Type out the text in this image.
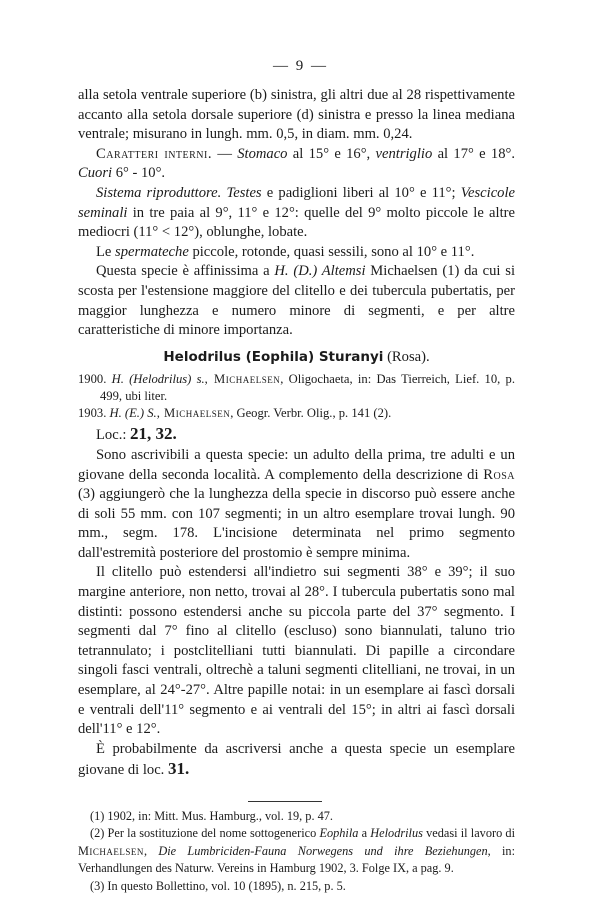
— 9 —

alla setola ventrale superiore (b) sinistra, gli altri due al 28 rispettivamente accanto alla setola dorsale superiore (d) sinistra e presso la linea mediana ventrale; misurano in lungh. mm. 0,5, in diam. mm. 0,24.

Caratteri interni. — Stomaco al 15° e 16°, ventriglio al 17° e 18°. Cuori 6° - 10°.

Sistema riproduttore. Testes e padiglioni liberi al 10° e 11°; Vescicole seminali in tre paia al 9°, 11° e 12°: quelle del 9° molto piccole le altre mediocri (11° < 12°), oblunghe, lobate.

Le spermateche piccole, rotonde, quasi sessili, sono al 10° e 11°.

Questa specie è affinissima a H. (D.) Altemsi Michaelsen (1) da cui si scosta per l'estensione maggiore del clitello e dei tubercula pubertatis, per maggior lunghezza e numero minore di segmenti, e per altre caratteristiche di minore importanza.

Helodrilus (Eophila) Sturanyi (Rosa).

1900. H. (Helodrilus) s., Michaelsen, Oligochaeta, in: Das Tierreich, Lief. 10, p. 499, ubi liter.

1903. H. (E.) S., Michaelsen, Geogr. Verbr. Olig., p. 141 (2).

Loc.: 21, 32.

Sono ascrivibili a questa specie: un adulto della prima, tre adulti e un giovane della seconda località. A complemento della descrizione di Rosa (3) aggiungerò che la lunghezza della specie in discorso può essere anche di soli 55 mm. con 107 segmenti; in un altro esemplare trovai lungh. 90 mm., segm. 178. L'incisione determinata nel primo segmento dall'estremità posteriore del prostomio è sempre minima.

Il clitello può estendersi all'indietro sui segmenti 38° e 39°; il suo margine anteriore, non netto, trovai al 28°. I tubercula pubertatis sono mal distinti: possono estendersi anche su piccola parte del 37° segmento. I segmenti dal 7° fino al clitello (escluso) sono biannulati, taluno trio tetrannulato; i postclitelliani tutti biannulati. Di papille a circondare singoli fasci ventrali, oltrechè a taluni segmenti clitelliani, ne trovai, in un esemplare, al 24°-27°. Altre papille notai: in un esemplare ai fascì dorsali e ventrali dell'11° segmento e ai ventrali del 15°; in altri ai fascì dorsali dell'11° e 12°.

È probabilmente da ascriversi anche a questa specie un esemplare giovane di loc. 31.

(1) 1902, in: Mitt. Mus. Hamburg., vol. 19, p. 47.

(2) Per la sostituzione del nome sottogenerico Eophila a Helodrilus vedasi il lavoro di Michaelsen, Die Lumbriciden-Fauna Norwegens und ihre Beziehungen, in: Verhandlungen des Naturw. Vereins in Hamburg 1902, 3. Folge IX, a pag. 9.

(3) In questo Bollettino, vol. 10 (1895), n. 215, p. 5.
